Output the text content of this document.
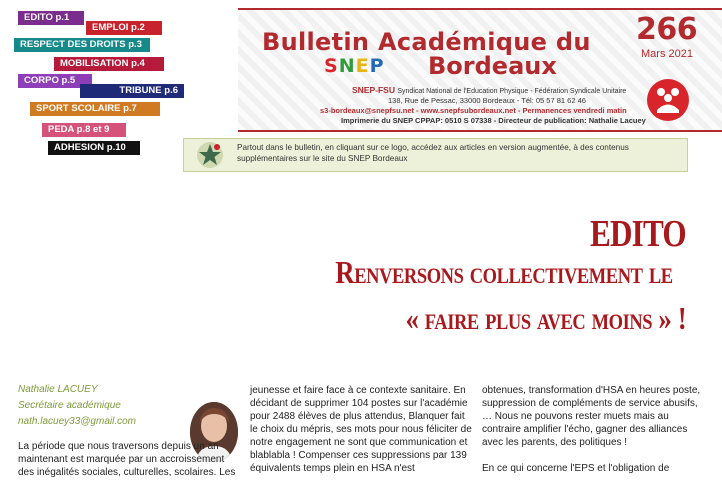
EDITO p.1
EMPLOI p.2
RESPECT DES DROITS p.3
MOBILISATION p.4
CORPO p.5
TRIBUNE p.6
SPORT SCOLAIRE p.7
PEDA p.8 et 9
ADHESION p.10
Bulletin Académique du
SNEP Bordeaux
266
Mars 2021
SNEP-FSU Syndicat National de l'Education Physique - Fédération Syndicale Unitaire
138, Rue de Pessac, 33000 Bordeaux - Tél: 05 57 81 62 46
s3-bordeaux@snepfsu.net - www.snepfsubordeaux.net - Permanences vendredi matin
Imprimerie du SNEP CPPAP: 0510 S 07338 - Directeur de publication: Nathalie Lacuey
Partout dans le bulletin, en cliquant sur ce logo, accédez aux articles en version augmentée, à des contenus supplémentaires sur le site du SNEP Bordeaux
EDITO
Renversons collectivement le
« faire plus avec moins » !
Nathalie LACUEY
Secrétaire académique
nath.lacuey33@gmail.com
La période que nous traversons depuis un an maintenant est marquée par un accroissement des inégalités sociales, culturelles, scolaires. Les
jeunesse et faire face à ce contexte sanitaire. En décidant de supprimer 104 postes sur l'académie pour 2488 élèves de plus attendus, Blanquer fait le choix du mépris, ses mots pour nous féliciter de notre engagement ne sont que communication et blablabla ! Compenser ces suppressions par 139 équivalents temps plein en HSA n'est
obtenues, transformation d'HSA en heures poste, suppression de compléments de service abusifs, … Nous ne pouvons rester muets mais au contraire amplifier l'écho, gagner des alliances avec les parents, des politiques !
En ce qui concerne l'EPS et l'obligation de
